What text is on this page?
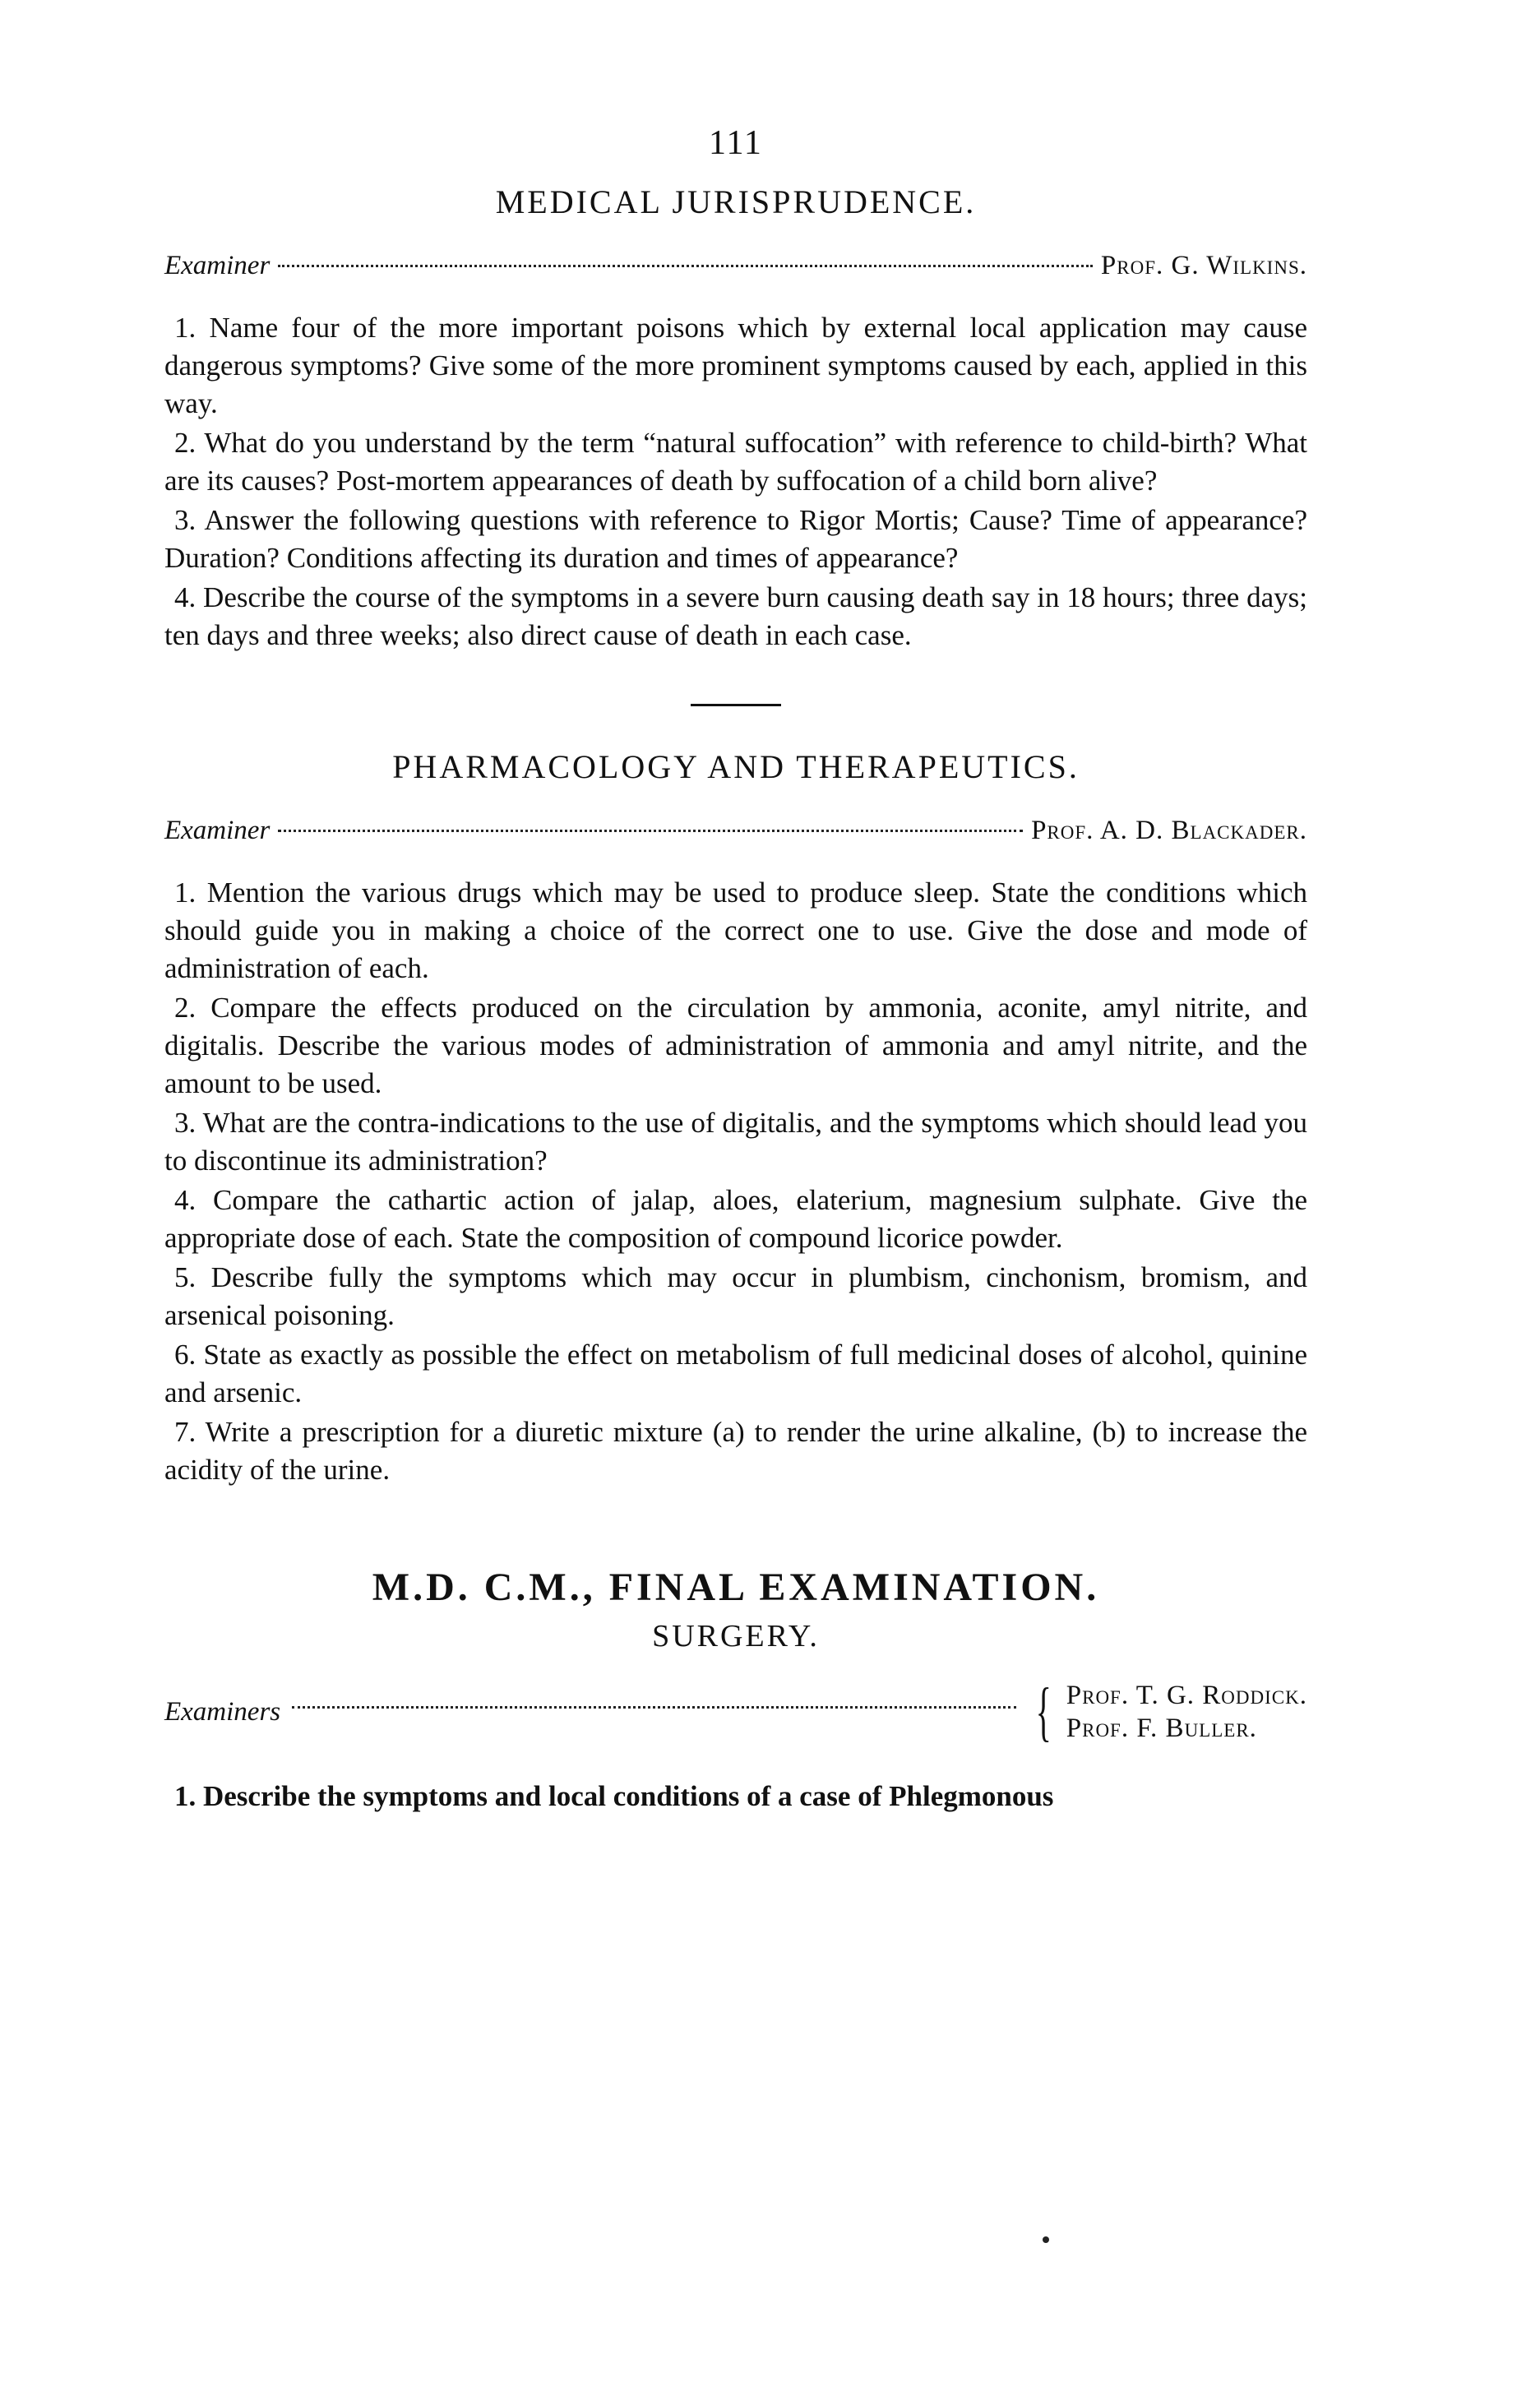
111
MEDICAL JURISPRUDENCE.
Examiner	Prof. G. Wilkins.

1. Name four of the more important poisons which by external local application may cause dangerous symptoms? Give some of the more prominent symptoms caused by each, applied in this way.

2. What do you understand by the term “natural suffocation” with reference to child-birth? What are its causes? Post-mortem appearances of death by suffocation of a child born alive?

3. Answer the following questions with reference to Rigor Mortis; Cause? Time of appearance? Duration? Conditions affecting its duration and times of appearance?

4. Describe the course of the symptoms in a severe burn causing death say in 18 hours; three days; ten days and three weeks; also direct cause of death in each case.

PHARMACOLOGY AND THERAPEUTICS.
Examiner	Prof. A. D. Blackader.

1. Mention the various drugs which may be used to produce sleep. State the conditions which should guide you in making a choice of the correct one to use. Give the dose and mode of administration of each.

2. Compare the effects produced on the circulation by ammonia, aconite, amyl nitrite, and digitalis. Describe the various modes of administration of ammonia and amyl nitrite, and the amount to be used.

3. What are the contra-indications to the use of digitalis, and the symptoms which should lead you to discontinue its administration?

4. Compare the cathartic action of jalap, aloes, elaterium, magnesium sulphate. Give the appropriate dose of each. State the composition of compound licorice powder.

5. Describe fully the symptoms which may occur in plumbism, cinchonism, bromism, and arsenical poisoning.

6. State as exactly as possible the effect on metabolism of full medicinal doses of alcohol, quinine and arsenic.

7. Write a prescription for a diuretic mixture (a) to render the urine alkaline, (b) to increase the acidity of the urine.

M.D. C.M., FINAL EXAMINATION.
SURGERY.
Examiners	{ Prof. T. G. Roddick.
Prof. F. Buller.

1. Describe the symptoms and local conditions of a case of Phlegmonous
